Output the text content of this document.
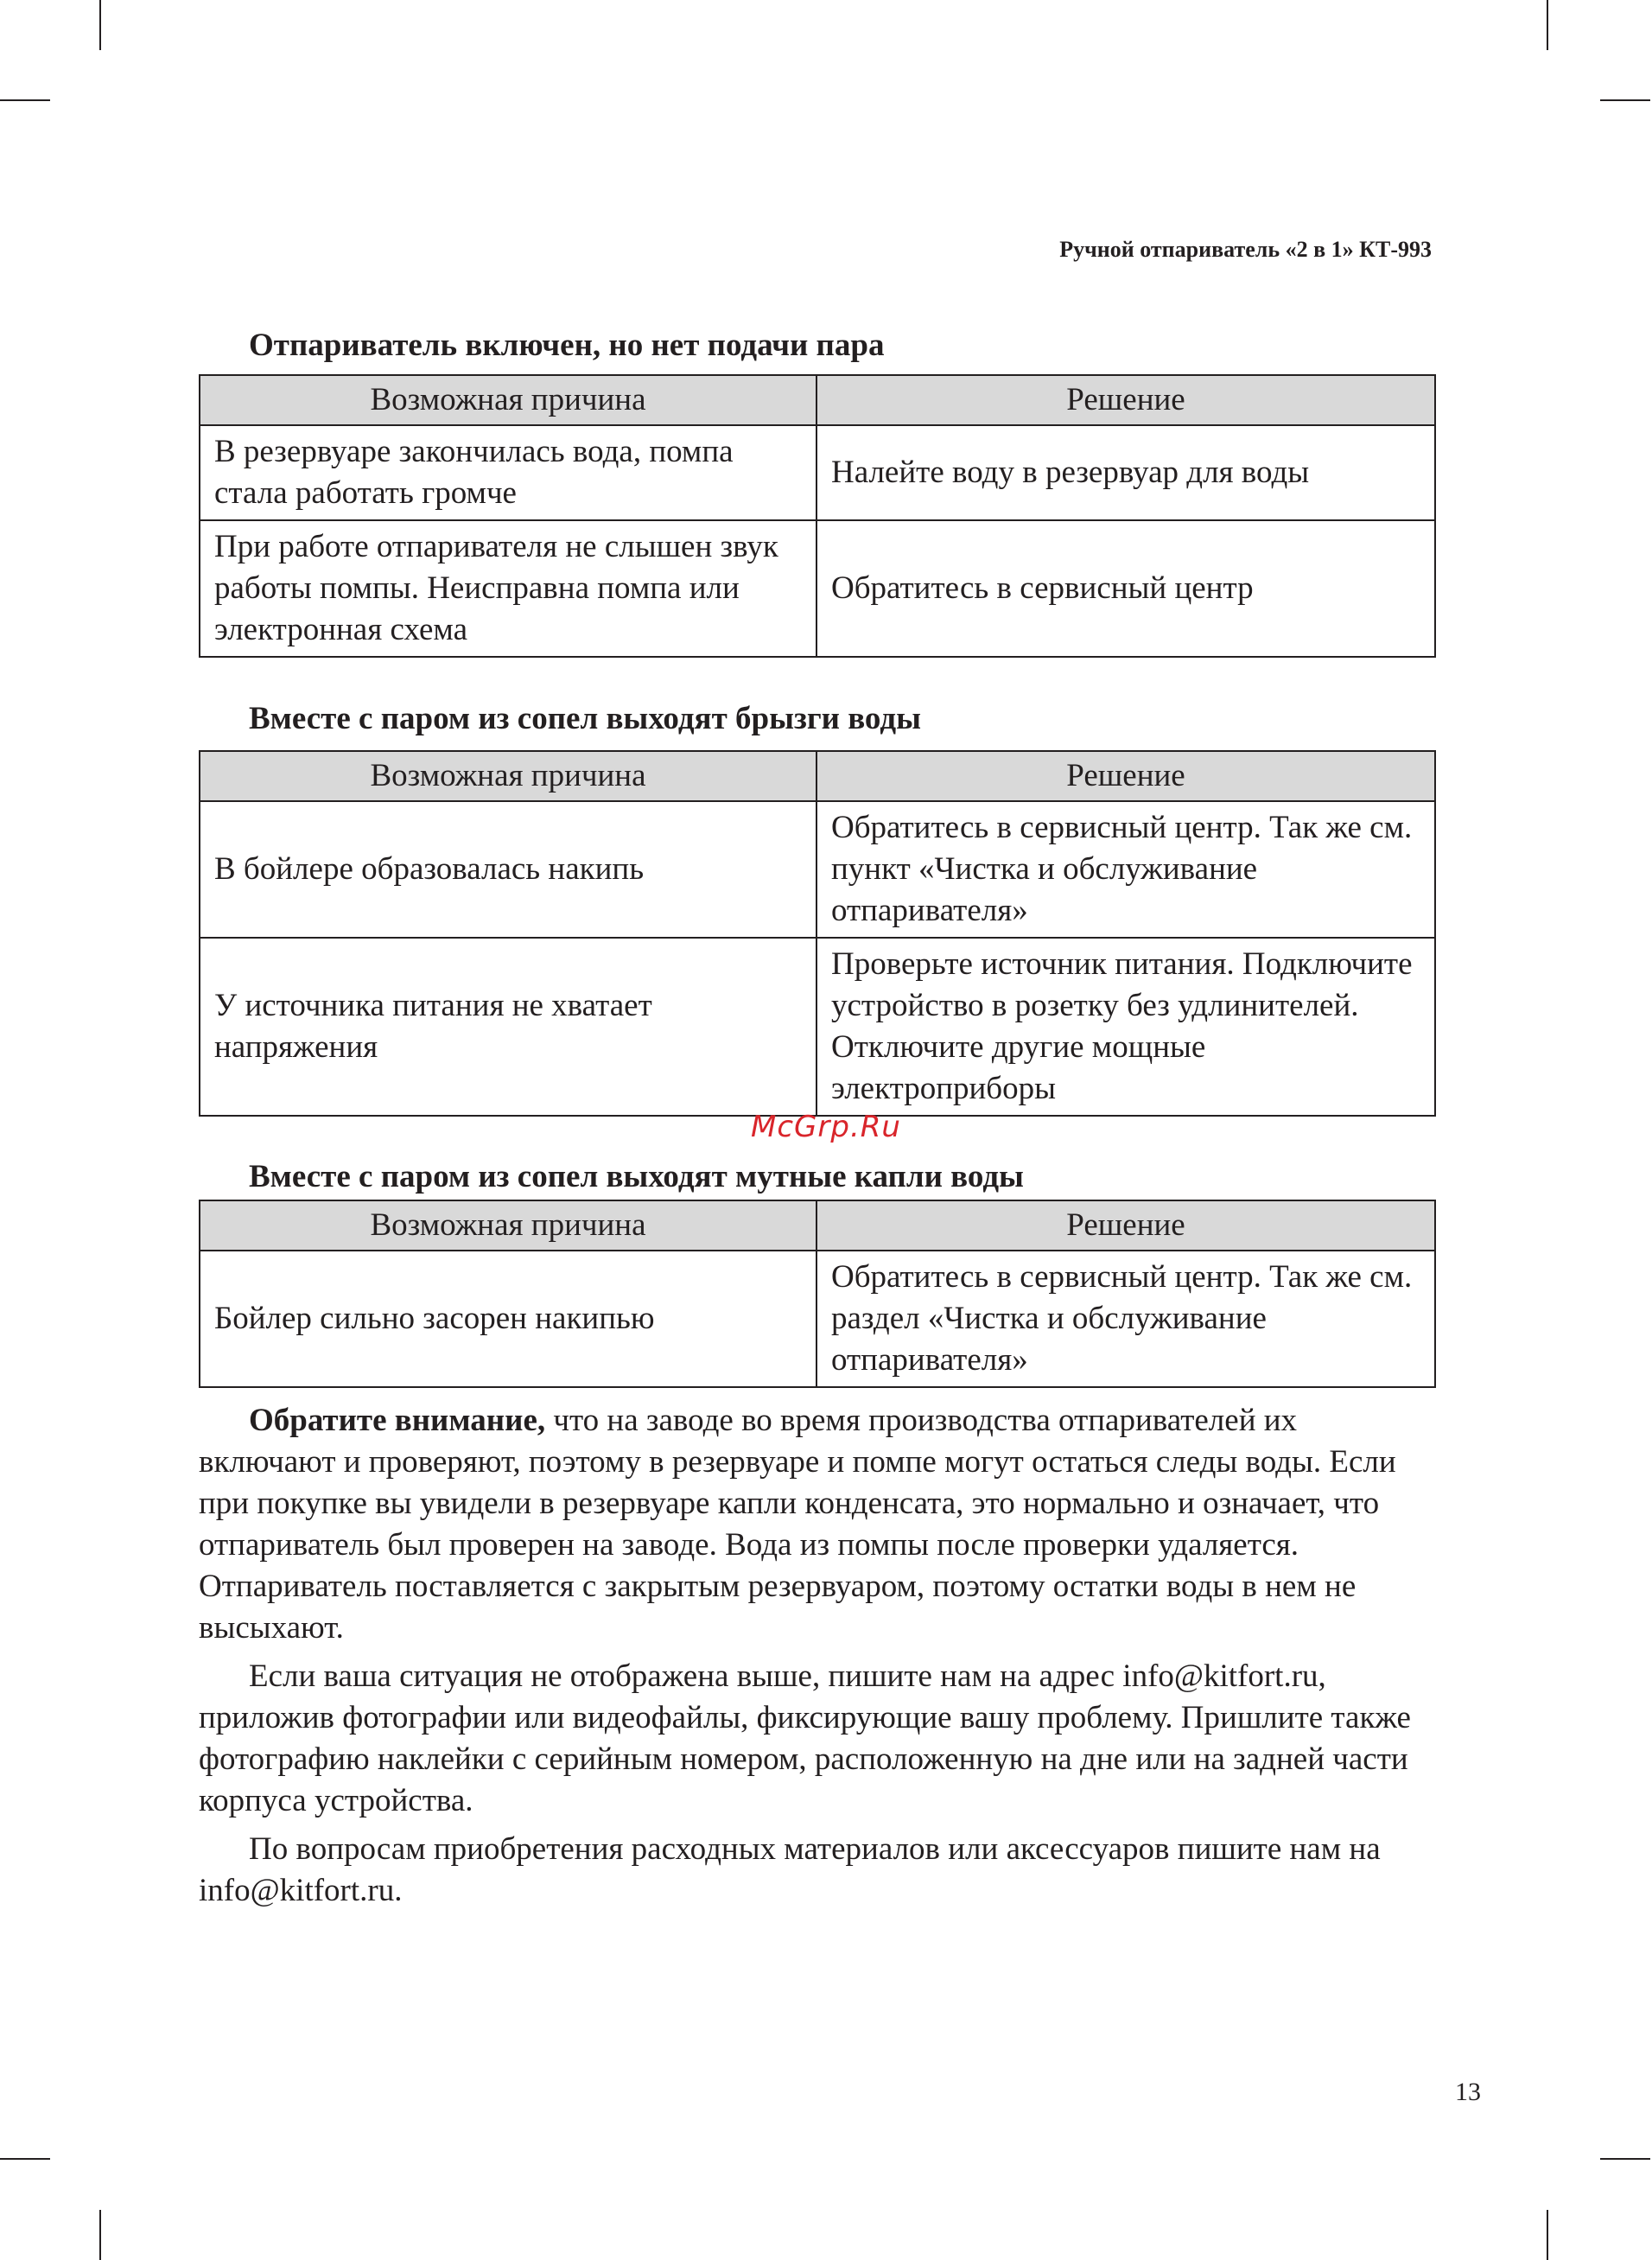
Ручной отпариватель «2 в 1» КТ-993
Отпариватель включен, но нет подачи пара
Возможная причина	Решение
В резервуаре закончилась вода, помпа стала работать громче	Налейте воду в резервуар для воды
При работе отпаривателя не слышен звук работы помпы. Неисправна помпа или электронная схема	Обратитесь в сервисный центр
Вместе с паром из сопел выходят брызги воды
Возможная причина	Решение
В бойлере образовалась накипь	Обратитесь в сервисный центр. Так же см. пункт «Чистка и обслуживание отпаривателя»
У источника питания не хватает напряжения	Проверьте источник питания. Подключите устройство в розетку без удлинителей. Отключите другие мощные электроприборы
McGrp.Ru
Вместе с паром из сопел выходят мутные капли воды
Возможная причина	Решение
Бойлер сильно засорен накипью	Обратитесь в сервисный центр. Так же см. раздел «Чистка и обслуживание отпаривателя»

Обратите внимание, что на заводе во время производства отпаривателей их включают и проверяют, поэтому в резервуаре и помпе могут остаться следы воды. Если при покупке вы увидели в резервуаре капли конденсата, это нормально и означает, что отпариватель был проверен на заводе. Вода из помпы после проверки удаляется. Отпариватель поставляется с закрытым резервуаром, поэтому остатки воды в нем не высыхают.

Если ваша ситуация не отображена выше, пишите нам на адрес info@kitfort.ru, приложив фотографии или видеофайлы, фиксирующие вашу проблему. Пришлите также фотографию наклейки с серийным номером, расположенную на дне или на задней части корпуса устройства.

По вопросам приобретения расходных материалов или аксессуаров пишите нам на info@kitfort.ru.

13
